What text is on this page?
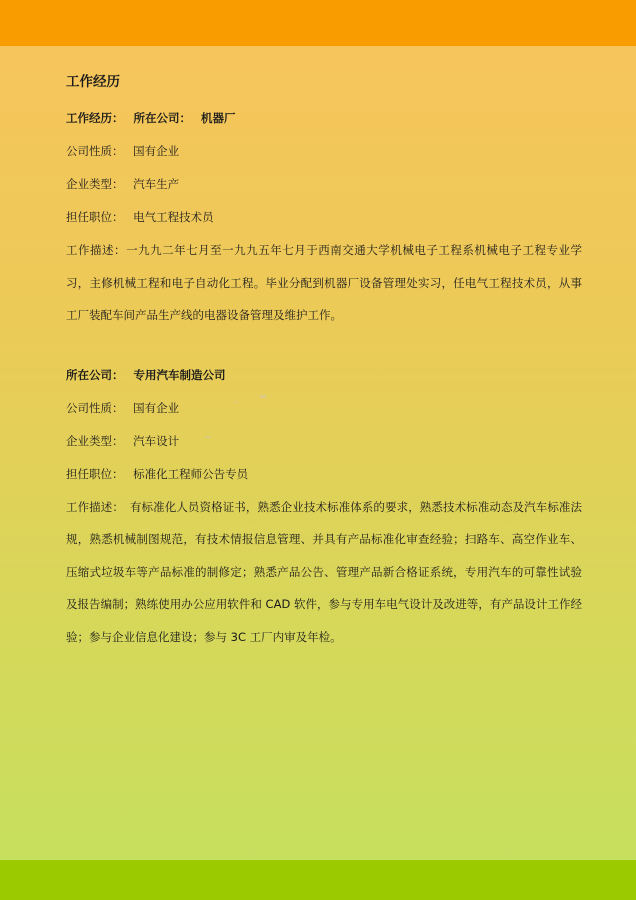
工作经历
工作经历： 所在公司： 机器厂
公司性质： 国有企业
企业类型： 汽车生产
担任职位： 电气工程技术员
工作描述：一九九二年七月至一九九五年七月于西南交通大学机械电子工程系机械电子工程专业学习，主修机械工程和电子自动化工程。毕业分配到机器厂设备管理处实习，任电气工程技术员，从事工厂装配车间产品生产线的电器设备管理及维护工作。
所在公司： 专用汽车制造公司
公司性质： 国有企业
企业类型： 汽车设计
担任职位： 标准化工程师公告专员
工作描述： 有标准化人员资格证书，熟悉企业技术标准体系的要求，熟悉技术标准动态及汽车标准法规，熟悉机械制图规范，有技术情报信息管理、并具有产品标准化审查经验；扫路车、高空作业车、压缩式垃圾车等产品标准的制修定；熟悉产品公告、管理产品新合格证系统，专用汽车的可靠性试验及报告编制；熟练使用办公应用软件和 CAD 软件，参与专用车电气设计及改进等，有产品设计工作经验；参与企业信息化建设；参与 3C 工厂内审及年检。
